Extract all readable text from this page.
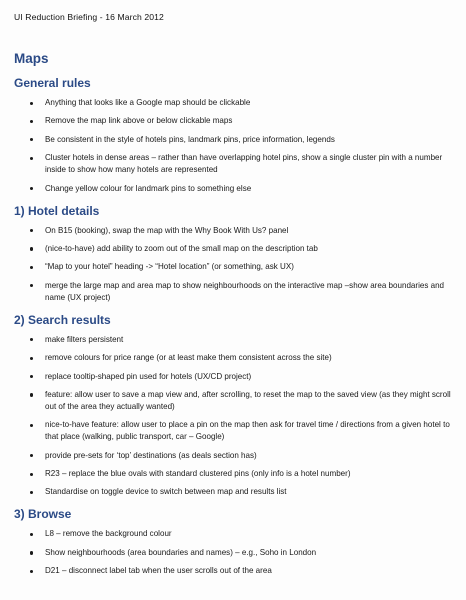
UI Reduction Briefing - 16 March 2012
Maps
General rules
Anything that looks like a Google map should be clickable
Remove the map link above or below clickable maps
Be consistent in the style of hotels pins, landmark pins, price information, legends
Cluster hotels in dense areas – rather than have overlapping hotel pins, show a single cluster pin with a number inside to show how many hotels are represented
Change yellow colour for landmark pins to something else
1) Hotel details
On B15 (booking), swap the map with the Why Book With Us? panel
(nice-to-have) add ability to zoom out of the small map on the description tab
“Map to your hotel” heading -> “Hotel location” (or something, ask UX)
merge the large map and area map to show neighbourhoods on the interactive map –show area boundaries and name (UX project)
2) Search results
make filters persistent
remove colours for price range (or at least make them consistent across the site)
replace tooltip-shaped pin used for hotels (UX/CD project)
feature: allow user to save a map view and, after scrolling, to reset the map to the saved view (as they might scroll out of the area they actually wanted)
nice-to-have feature: allow user to place a pin on the map then ask for travel time / directions from a given hotel to that place (walking, public transport, car – Google)
provide pre-sets for ‘top’ destinations (as deals section has)
R23 – replace the blue ovals with standard clustered pins (only info is a hotel number)
Standardise on toggle device to switch between map and results list
3) Browse
L8 – remove the background colour
Show neighbourhoods (area boundaries and names) – e.g., Soho in London
D21 – disconnect label tab when the user scrolls out of the area
